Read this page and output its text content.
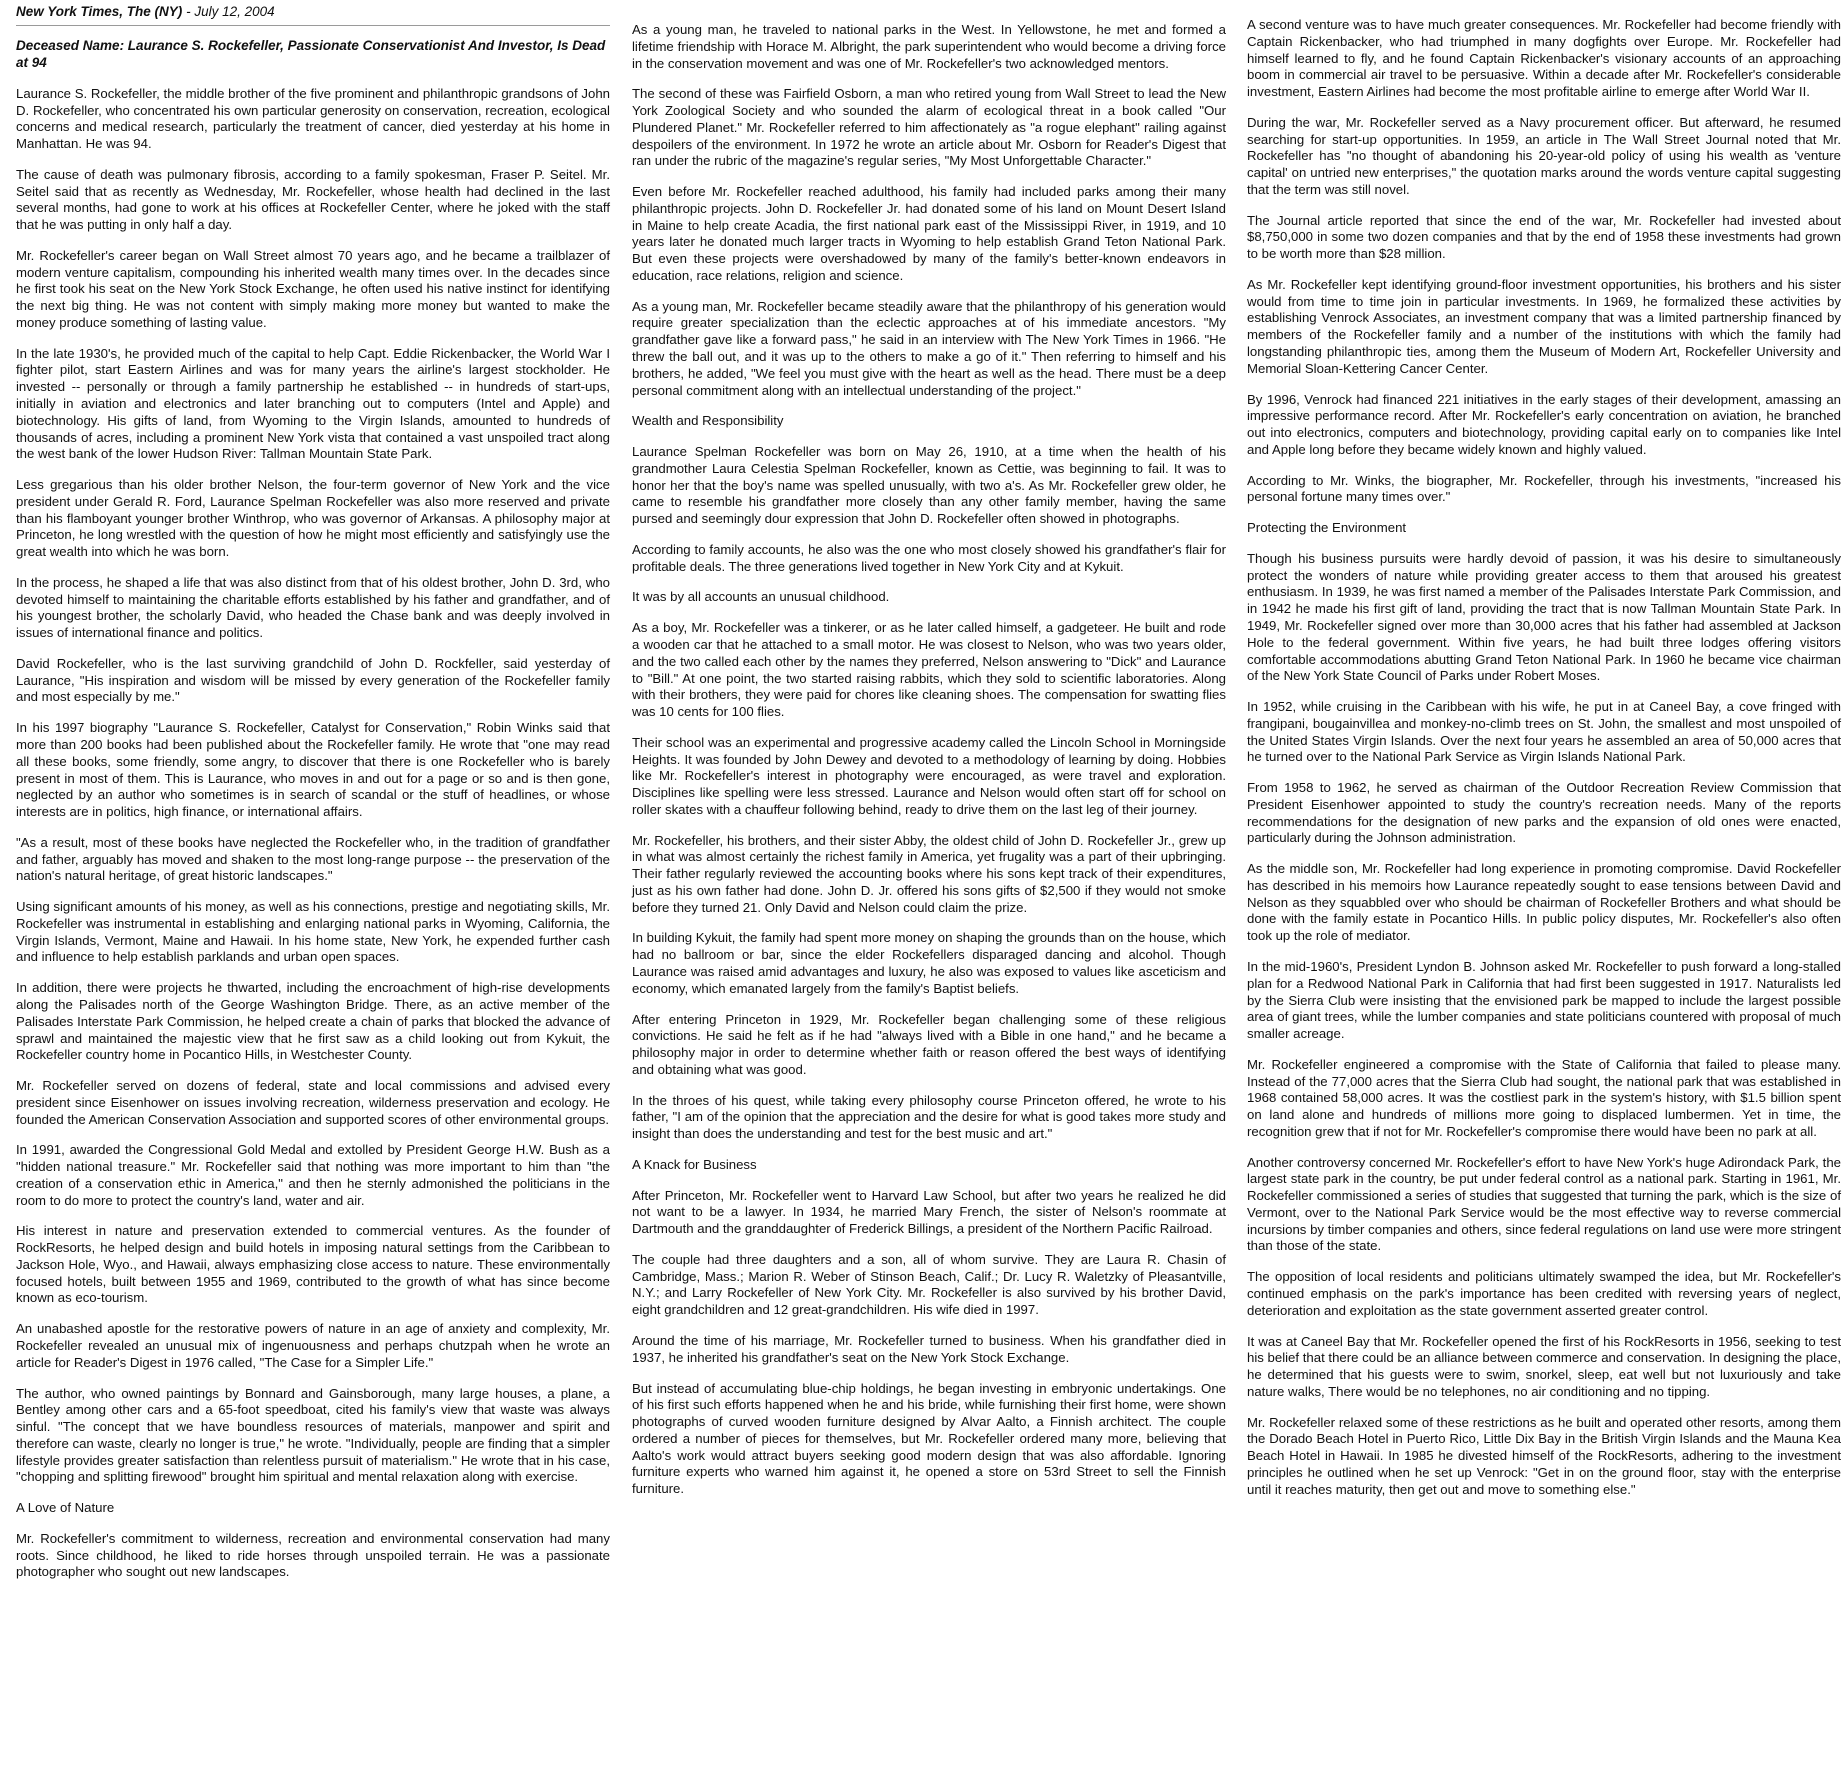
New York Times, The (NY) - July 12, 2004
Deceased Name: Laurance S. Rockefeller, Passionate Conservationist And Investor, Is Dead at 94
Laurance S. Rockefeller, the middle brother of the five prominent and philanthropic grandsons of John D. Rockefeller, who concentrated his own particular generosity on conservation, recreation, ecological concerns and medical research, particularly the treatment of cancer, died yesterday at his home in Manhattan. He was 94.
The cause of death was pulmonary fibrosis, according to a family spokesman, Fraser P. Seitel. Mr. Seitel said that as recently as Wednesday, Mr. Rockefeller, whose health had declined in the last several months, had gone to work at his offices at Rockefeller Center, where he joked with the staff that he was putting in only half a day.
Mr. Rockefeller's career began on Wall Street almost 70 years ago, and he became a trailblazer of modern venture capitalism, compounding his inherited wealth many times over. In the decades since he first took his seat on the New York Stock Exchange, he often used his native instinct for identifying the next big thing. He was not content with simply making more money but wanted to make the money produce something of lasting value.
In the late 1930's, he provided much of the capital to help Capt. Eddie Rickenbacker, the World War I fighter pilot, start Eastern Airlines and was for many years the airline's largest stockholder. He invested -- personally or through a family partnership he established -- in hundreds of start-ups, initially in aviation and electronics and later branching out to computers (Intel and Apple) and biotechnology. His gifts of land, from Wyoming to the Virgin Islands, amounted to hundreds of thousands of acres, including a prominent New York vista that contained a vast unspoiled tract along the west bank of the lower Hudson River: Tallman Mountain State Park.
Less gregarious than his older brother Nelson, the four-term governor of New York and the vice president under Gerald R. Ford, Laurance Spelman Rockefeller was also more reserved and private than his flamboyant younger brother Winthrop, who was governor of Arkansas. A philosophy major at Princeton, he long wrestled with the question of how he might most efficiently and satisfyingly use the great wealth into which he was born.
In the process, he shaped a life that was also distinct from that of his oldest brother, John D. 3rd, who devoted himself to maintaining the charitable efforts established by his father and grandfather, and of his youngest brother, the scholarly David, who headed the Chase bank and was deeply involved in issues of international finance and politics.
David Rockefeller, who is the last surviving grandchild of John D. Rockfeller, said yesterday of Laurance, "His inspiration and wisdom will be missed by every generation of the Rockefeller family and most especially by me."
In his 1997 biography "Laurance S. Rockefeller, Catalyst for Conservation," Robin Winks said that more than 200 books had been published about the Rockefeller family. He wrote that "one may read all these books, some friendly, some angry, to discover that there is one Rockefeller who is barely present in most of them. This is Laurance, who moves in and out for a page or so and is then gone, neglected by an author who sometimes is in search of scandal or the stuff of headlines, or whose interests are in politics, high finance, or international affairs.
"As a result, most of these books have neglected the Rockefeller who, in the tradition of grandfather and father, arguably has moved and shaken to the most long-range purpose -- the preservation of the nation's natural heritage, of great historic landscapes."
Using significant amounts of his money, as well as his connections, prestige and negotiating skills, Mr. Rockefeller was instrumental in establishing and enlarging national parks in Wyoming, California, the Virgin Islands, Vermont, Maine and Hawaii. In his home state, New York, he expended further cash and influence to help establish parklands and urban open spaces.
In addition, there were projects he thwarted, including the encroachment of high-rise developments along the Palisades north of the George Washington Bridge. There, as an active member of the Palisades Interstate Park Commission, he helped create a chain of parks that blocked the advance of sprawl and maintained the majestic view that he first saw as a child looking out from Kykuit, the Rockefeller country home in Pocantico Hills, in Westchester County.
Mr. Rockefeller served on dozens of federal, state and local commissions and advised every president since Eisenhower on issues involving recreation, wilderness preservation and ecology. He founded the American Conservation Association and supported scores of other environmental groups.
In 1991, awarded the Congressional Gold Medal and extolled by President George H.W. Bush as a "hidden national treasure." Mr. Rockefeller said that nothing was more important to him than "the creation of a conservation ethic in America," and then he sternly admonished the politicians in the room to do more to protect the country's land, water and air.
His interest in nature and preservation extended to commercial ventures. As the founder of RockResorts, he helped design and build hotels in imposing natural settings from the Caribbean to Jackson Hole, Wyo., and Hawaii, always emphasizing close access to nature. These environmentally focused hotels, built between 1955 and 1969, contributed to the growth of what has since become known as eco-tourism.
An unabashed apostle for the restorative powers of nature in an age of anxiety and complexity, Mr. Rockefeller revealed an unusual mix of ingenuousness and perhaps chutzpah when he wrote an article for Reader's Digest in 1976 called, "The Case for a Simpler Life."
The author, who owned paintings by Bonnard and Gainsborough, many large houses, a plane, a Bentley among other cars and a 65-foot speedboat, cited his family's view that waste was always sinful. "The concept that we have boundless resources of materials, manpower and spirit and therefore can waste, clearly no longer is true," he wrote. "Individually, people are finding that a simpler lifestyle provides greater satisfaction than relentless pursuit of materialism." He wrote that in his case, "chopping and splitting firewood" brought him spiritual and mental relaxation along with exercise.
A Love of Nature
Mr. Rockefeller's commitment to wilderness, recreation and environmental conservation had many roots. Since childhood, he liked to ride horses through unspoiled terrain. He was a passionate photographer who sought out new landscapes.
As a young man, he traveled to national parks in the West. In Yellowstone, he met and formed a lifetime friendship with Horace M. Albright, the park superintendent who would become a driving force in the conservation movement and was one of Mr. Rockefeller's two acknowledged mentors.
The second of these was Fairfield Osborn, a man who retired young from Wall Street to lead the New York Zoological Society and who sounded the alarm of ecological threat in a book called "Our Plundered Planet." Mr. Rockefeller referred to him affectionately as "a rogue elephant" railing against despoilers of the environment. In 1972 he wrote an article about Mr. Osborn for Reader's Digest that ran under the rubric of the magazine's regular series, "My Most Unforgettable Character."
Even before Mr. Rockefeller reached adulthood, his family had included parks among their many philanthropic projects. John D. Rockefeller Jr. had donated some of his land on Mount Desert Island in Maine to help create Acadia, the first national park east of the Mississippi River, in 1919, and 10 years later he donated much larger tracts in Wyoming to help establish Grand Teton National Park. But even these projects were overshadowed by many of the family's better-known endeavors in education, race relations, religion and science.
As a young man, Mr. Rockefeller became steadily aware that the philanthropy of his generation would require greater specialization than the eclectic approaches at of his immediate ancestors. "My grandfather gave like a forward pass," he said in an interview with The New York Times in 1966. "He threw the ball out, and it was up to the others to make a go of it." Then referring to himself and his brothers, he added, "We feel you must give with the heart as well as the head. There must be a deep personal commitment along with an intellectual understanding of the project."
Wealth and Responsibility
Laurance Spelman Rockefeller was born on May 26, 1910, at a time when the health of his grandmother Laura Celestia Spelman Rockefeller, known as Cettie, was beginning to fail. It was to honor her that the boy's name was spelled unusually, with two a's. As Mr. Rockefeller grew older, he came to resemble his grandfather more closely than any other family member, having the same pursed and seemingly dour expression that John D. Rockefeller often showed in photographs.
According to family accounts, he also was the one who most closely showed his grandfather's flair for profitable deals. The three generations lived together in New York City and at Kykuit.
It was by all accounts an unusual childhood.
As a boy, Mr. Rockefeller was a tinkerer, or as he later called himself, a gadgeteer. He built and rode a wooden car that he attached to a small motor. He was closest to Nelson, who was two years older, and the two called each other by the names they preferred, Nelson answering to "Dick" and Laurance to "Bill." At one point, the two started raising rabbits, which they sold to scientific laboratories. Along with their brothers, they were paid for chores like cleaning shoes. The compensation for swatting flies was 10 cents for 100 flies.
Their school was an experimental and progressive academy called the Lincoln School in Morningside Heights. It was founded by John Dewey and devoted to a methodology of learning by doing. Hobbies like Mr. Rockefeller's interest in photography were encouraged, as were travel and exploration. Disciplines like spelling were less stressed. Laurance and Nelson would often start off for school on roller skates with a chauffeur following behind, ready to drive them on the last leg of their journey.
Mr. Rockefeller, his brothers, and their sister Abby, the oldest child of John D. Rockefeller Jr., grew up in what was almost certainly the richest family in America, yet frugality was a part of their upbringing. Their father regularly reviewed the accounting books where his sons kept track of their expenditures, just as his own father had done. John D. Jr. offered his sons gifts of $2,500 if they would not smoke before they turned 21. Only David and Nelson could claim the prize.
In building Kykuit, the family had spent more money on shaping the grounds than on the house, which had no ballroom or bar, since the elder Rockefellers disparaged dancing and alcohol. Though Laurance was raised amid advantages and luxury, he also was exposed to values like asceticism and economy, which emanated largely from the family's Baptist beliefs.
After entering Princeton in 1929, Mr. Rockefeller began challenging some of these religious convictions. He said he felt as if he had "always lived with a Bible in one hand," and he became a philosophy major in order to determine whether faith or reason offered the best ways of identifying and obtaining what was good.
In the throes of his quest, while taking every philosophy course Princeton offered, he wrote to his father, "I am of the opinion that the appreciation and the desire for what is good takes more study and insight than does the understanding and test for the best music and art."
A Knack for Business
After Princeton, Mr. Rockefeller went to Harvard Law School, but after two years he realized he did not want to be a lawyer. In 1934, he married Mary French, the sister of Nelson's roommate at Dartmouth and the granddaughter of Frederick Billings, a president of the Northern Pacific Railroad.
The couple had three daughters and a son, all of whom survive. They are Laura R. Chasin of Cambridge, Mass.; Marion R. Weber of Stinson Beach, Calif.; Dr. Lucy R. Waletzky of Pleasantville, N.Y.; and Larry Rockefeller of New York City. Mr. Rockefeller is also survived by his brother David, eight grandchildren and 12 great-grandchildren. His wife died in 1997.
Around the time of his marriage, Mr. Rockefeller turned to business. When his grandfather died in 1937, he inherited his grandfather's seat on the New York Stock Exchange.
But instead of accumulating blue-chip holdings, he began investing in embryonic undertakings. One of his first such efforts happened when he and his bride, while furnishing their first home, were shown photographs of curved wooden furniture designed by Alvar Aalto, a Finnish architect. The couple ordered a number of pieces for themselves, but Mr. Rockefeller ordered many more, believing that Aalto's work would attract buyers seeking good modern design that was also affordable. Ignoring furniture experts who warned him against it, he opened a store on 53rd Street to sell the Finnish furniture.
A second venture was to have much greater consequences. Mr. Rockefeller had become friendly with Captain Rickenbacker, who had triumphed in many dogfights over Europe. Mr. Rockefeller had himself learned to fly, and he found Captain Rickenbacker's visionary accounts of an approaching boom in commercial air travel to be persuasive. Within a decade after Mr. Rockefeller's considerable investment, Eastern Airlines had become the most profitable airline to emerge after World War II.
During the war, Mr. Rockefeller served as a Navy procurement officer. But afterward, he resumed searching for start-up opportunities. In 1959, an article in The Wall Street Journal noted that Mr. Rockefeller has "no thought of abandoning his 20-year-old policy of using his wealth as 'venture capital' on untried new enterprises," the quotation marks around the words venture capital suggesting that the term was still novel.
The Journal article reported that since the end of the war, Mr. Rockefeller had invested about $8,750,000 in some two dozen companies and that by the end of 1958 these investments had grown to be worth more than $28 million.
As Mr. Rockefeller kept identifying ground-floor investment opportunities, his brothers and his sister would from time to time join in particular investments. In 1969, he formalized these activities by establishing Venrock Associates, an investment company that was a limited partnership financed by members of the Rockefeller family and a number of the institutions with which the family had longstanding philanthropic ties, among them the Museum of Modern Art, Rockefeller University and Memorial Sloan-Kettering Cancer Center.
By 1996, Venrock had financed 221 initiatives in the early stages of their development, amassing an impressive performance record. After Mr. Rockefeller's early concentration on aviation, he branched out into electronics, computers and biotechnology, providing capital early on to companies like Intel and Apple long before they became widely known and highly valued.
According to Mr. Winks, the biographer, Mr. Rockefeller, through his investments, "increased his personal fortune many times over."
Protecting the Environment
Though his business pursuits were hardly devoid of passion, it was his desire to simultaneously protect the wonders of nature while providing greater access to them that aroused his greatest enthusiasm. In 1939, he was first named a member of the Palisades Interstate Park Commission, and in 1942 he made his first gift of land, providing the tract that is now Tallman Mountain State Park. In 1949, Mr. Rockefeller signed over more than 30,000 acres that his father had assembled at Jackson Hole to the federal government. Within five years, he had built three lodges offering visitors comfortable accommodations abutting Grand Teton National Park. In 1960 he became vice chairman of the New York State Council of Parks under Robert Moses.
In 1952, while cruising in the Caribbean with his wife, he put in at Caneel Bay, a cove fringed with frangipani, bougainvillea and monkey-no-climb trees on St. John, the smallest and most unspoiled of the United States Virgin Islands. Over the next four years he assembled an area of 50,000 acres that he turned over to the National Park Service as Virgin Islands National Park.
From 1958 to 1962, he served as chairman of the Outdoor Recreation Review Commission that President Eisenhower appointed to study the country's recreation needs. Many of the reports recommendations for the designation of new parks and the expansion of old ones were enacted, particularly during the Johnson administration.
As the middle son, Mr. Rockefeller had long experience in promoting compromise. David Rockefeller has described in his memoirs how Laurance repeatedly sought to ease tensions between David and Nelson as they squabbled over who should be chairman of Rockefeller Brothers and what should be done with the family estate in Pocantico Hills. In public policy disputes, Mr. Rockefeller's also often took up the role of mediator.
In the mid-1960's, President Lyndon B. Johnson asked Mr. Rockefeller to push forward a long-stalled plan for a Redwood National Park in California that had first been suggested in 1917. Naturalists led by the Sierra Club were insisting that the envisioned park be mapped to include the largest possible area of giant trees, while the lumber companies and state politicians countered with proposal of much smaller acreage.
Mr. Rockefeller engineered a compromise with the State of California that failed to please many. Instead of the 77,000 acres that the Sierra Club had sought, the national park that was established in 1968 contained 58,000 acres. It was the costliest park in the system's history, with $1.5 billion spent on land alone and hundreds of millions more going to displaced lumbermen. Yet in time, the recognition grew that if not for Mr. Rockefeller's compromise there would have been no park at all.
Another controversy concerned Mr. Rockefeller's effort to have New York's huge Adirondack Park, the largest state park in the country, be put under federal control as a national park. Starting in 1961, Mr. Rockefeller commissioned a series of studies that suggested that turning the park, which is the size of Vermont, over to the National Park Service would be the most effective way to reverse commercial incursions by timber companies and others, since federal regulations on land use were more stringent than those of the state.
The opposition of local residents and politicians ultimately swamped the idea, but Mr. Rockefeller's continued emphasis on the park's importance has been credited with reversing years of neglect, deterioration and exploitation as the state government asserted greater control.
It was at Caneel Bay that Mr. Rockefeller opened the first of his RockResorts in 1956, seeking to test his belief that there could be an alliance between commerce and conservation. In designing the place, he determined that his guests were to swim, snorkel, sleep, eat well but not luxuriously and take nature walks, There would be no telephones, no air conditioning and no tipping.
Mr. Rockefeller relaxed some of these restrictions as he built and operated other resorts, among them the Dorado Beach Hotel in Puerto Rico, Little Dix Bay in the British Virgin Islands and the Mauna Kea Beach Hotel in Hawaii. In 1985 he divested himself of the RockResorts, adhering to the investment principles he outlined when he set up Venrock: "Get in on the ground floor, stay with the enterprise until it reaches maturity, then get out and move to something else."
